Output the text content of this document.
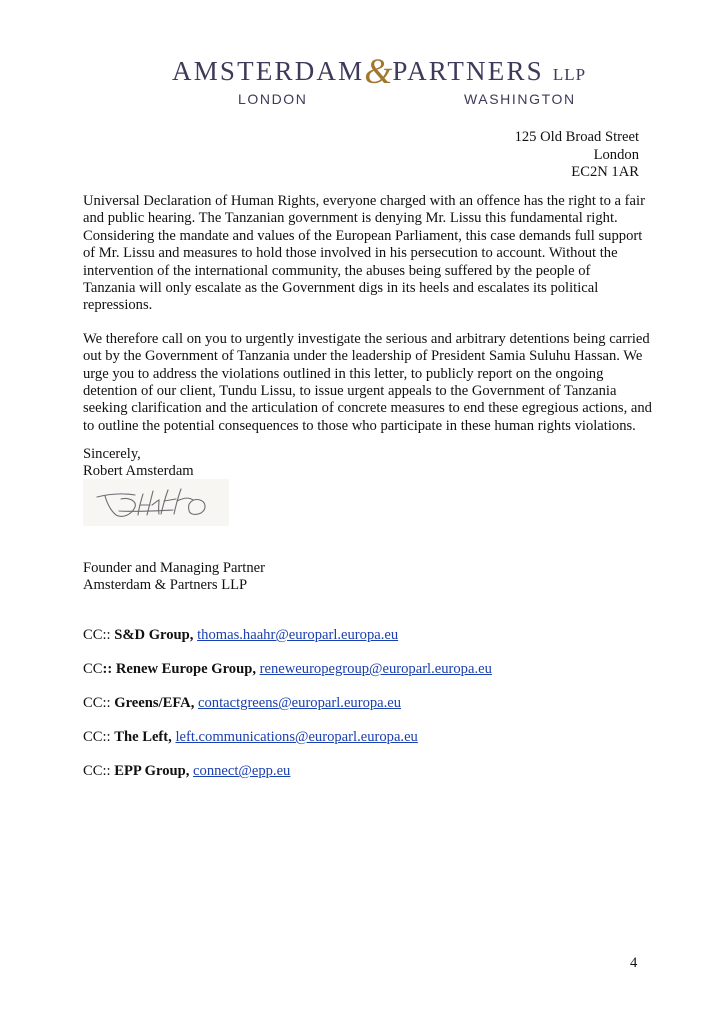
AMSTERDAM&PARTNERS LLP
LONDON	WASHINGTON
125 Old Broad Street
London
EC2N 1AR

Universal Declaration of Human Rights, everyone charged with an offence has the right to a fair
and public hearing. The Tanzanian government is denying Mr. Lissu this fundamental right.
Considering the mandate and values of the European Parliament, this case demands full support
of Mr. Lissu and measures to hold those involved in his persecution to account. Without the
intervention of the international community, the abuses being suffered by the people of
Tanzania will only escalate as the Government digs in its heels and escalates its political
repressions.

We therefore call on you to urgently investigate the serious and arbitrary detentions being carried
out by the Government of Tanzania under the leadership of President Samia Suluhu Hassan. We
urge you to address the violations outlined in this letter, to publicly report on the ongoing
detention of our client, Tundu Lissu, to issue urgent appeals to the Government of Tanzania
seeking clarification and the articulation of concrete measures to end these egregious actions, and
to outline the potential consequences to those who participate in these human rights violations.

Sincerely,
Robert Amsterdam
Founder and Managing Partner
Amsterdam & Partners LLP
CC:: S&D Group, thomas.haahr@europarl.europa.eu
CC:: Renew Europe Group, reneweuropegroup@europarl.europa.eu
CC:: Greens/EFA, contactgreens@europarl.europa.eu
CC:: The Left, left.communications@europarl.europa.eu
CC:: EPP Group, connect@epp.eu
4
